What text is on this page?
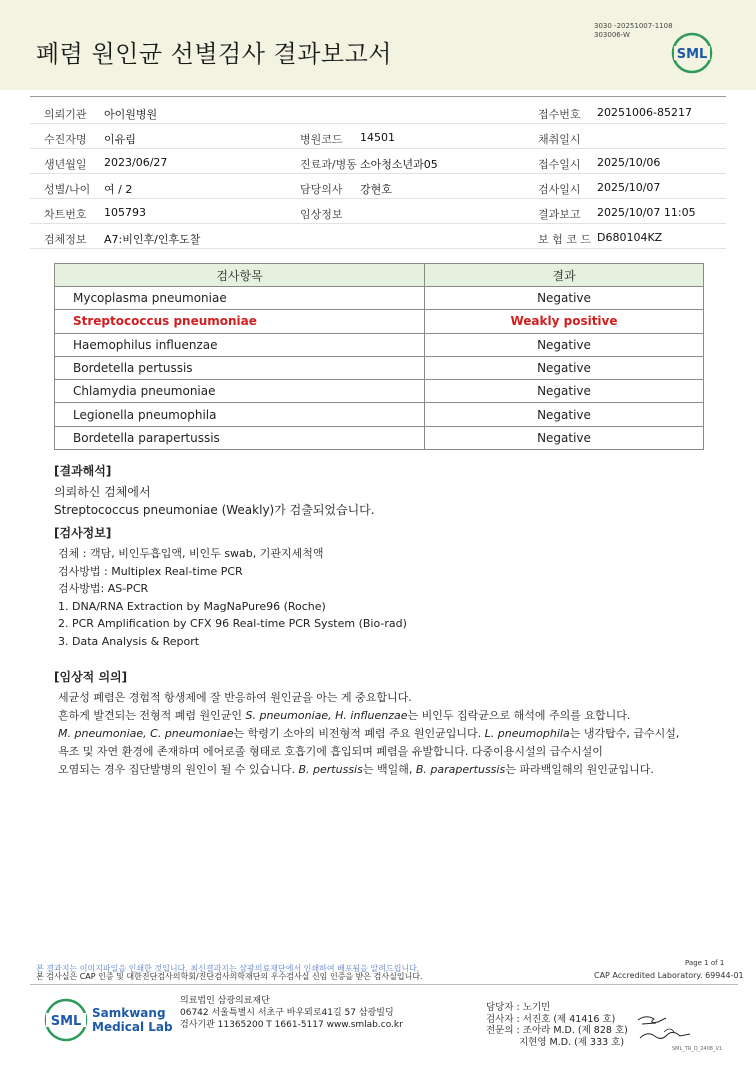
폐렴 원인균 선별검사 결과보고서
3030 -20251007-1108
303006-W
SML
의뢰기관 아이원병원	접수번호 20251006-85217
수진자명 이유림	병원코드 14501	채취일시
생년월일 2023/06/27	진료과/병동 소아청소년과05	접수일시 2025/10/06
성별/나이 여 / 2	담당의사 강현호	검사일시 2025/10/07
차트번호 105793	임상정보	결과보고 2025/10/07 11:05
검체정보 A7:비인후/인후도찰	보 험 코 드 D680104KZ
검사항목	결과
Mycoplasma pneumoniae	Negative
Streptococcus pneumoniae	Weakly positive
Haemophilus influenzae	Negative
Bordetella pertussis	Negative
Chlamydia pneumoniae	Negative
Legionella pneumophila	Negative
Bordetella parapertussis	Negative
[결과해석]

의뢰하신 검체에서

Streptococcus pneumoniae (Weakly)가 검출되었습니다.

[검사정보]

검체 : 객담, 비인두흡입액, 비인두 swab, 기관지세척액

검사방법 : Multiplex Real-time PCR

검사방법: AS-PCR

1. DNA/RNA Extraction by MagNaPure96 (Roche)

2. PCR Amplification by CFX 96 Real-time PCR System (Bio-rad)

3. Data Analysis & Report

[임상적 의의]

세균성 폐렴은 경험적 항생제에 잘 반응하여 원인균을 아는 게 중요합니다.

흔하게 발견되는 전형적 폐렴 원인균인 S. pneumoniae, H. influenzae는 비인두 집락균으로 해석에 주의를 요합니다.

M. pneumoniae, C. pneumoniae는 학령기 소아의 비전형적 폐렴 주요 원인균입니다. L. pneumophila는 냉각탑수, 급수시설,

욕조 및 자연 환경에 존재하며 에어로졸 형태로 호흡기에 흡입되며 폐렴을 유발합니다. 다중이용시설의 급수시설이

오염되는 경우 집단발병의 원인이 될 수 있습니다. B. pertussis는 백일해, B. parapertussis는 파라백일해의 원인균입니다.

본 결과지는 이미지파일을 인쇄한 것입니다. 최신결과지는 삼광의료재단에서 인쇄하여 배포됨을 알려드립니다.
본 검사실은 CAP 인증 및 대한진단검사의학회/진단검사의학재단의 우수검사실 신임 인증을 받은 검사실입니다.
Page 1 of 1
CAP Accredited Laboratory. 69944-01
SML
Samkwang
Medical Lab
의료법인 삼광의료재단
06742 서울특별시 서초구 바우뫼로41길 57 삼광빌딩
검사기관 11365200 T 1661-5117 www.smlab.co.kr
담당자 : 노기민
검사자 : 서진호 (제 41416 호)
전문의 : 조아라 M.D. (제 828 호)
지현영 M.D. (제 333 호)
SML_TR_Q_2408_V1
